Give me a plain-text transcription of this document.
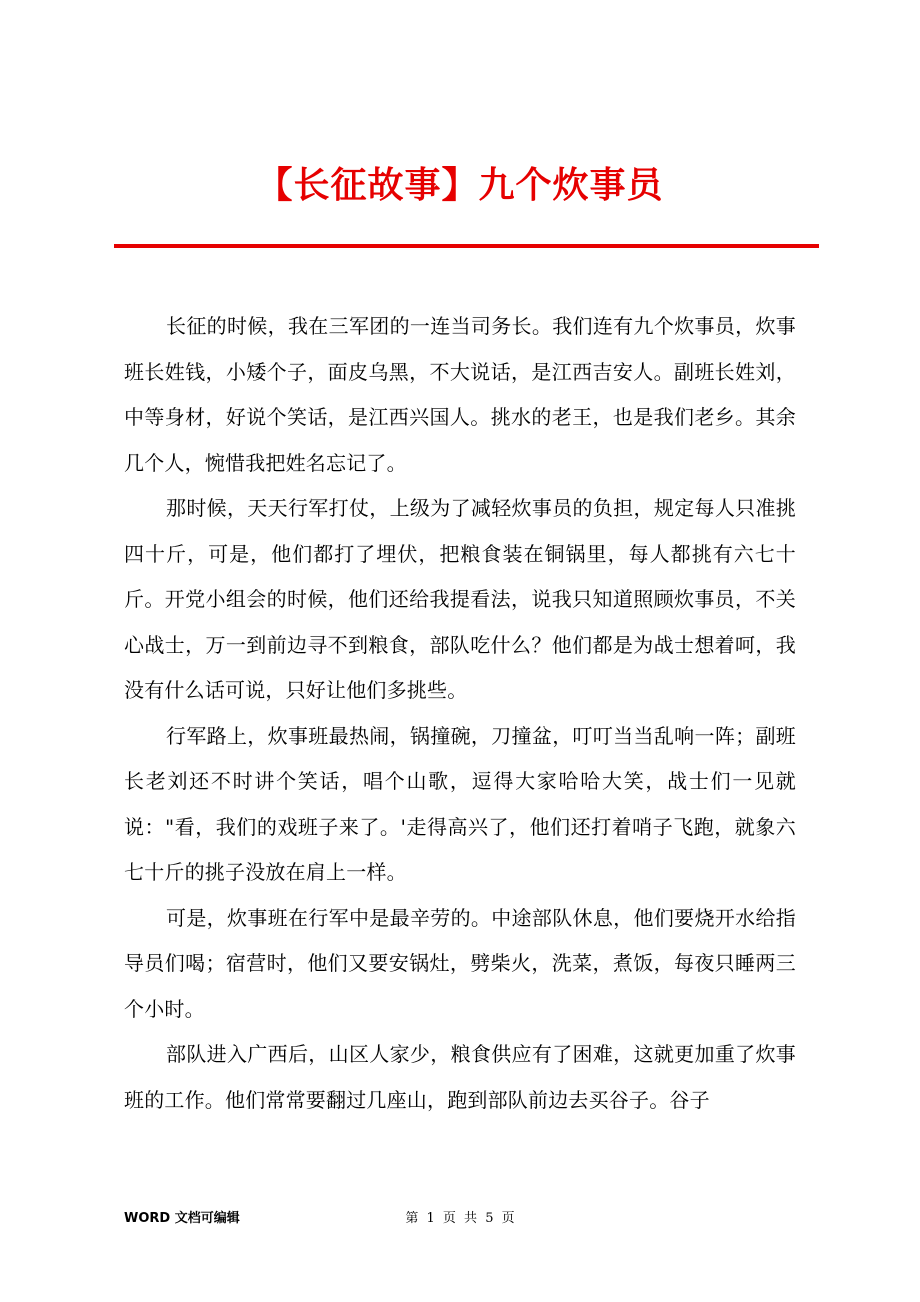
【长征故事】九个炊事员

长征的时候，我在三军团的一连当司务长。我们连有九个炊事员，炊事班长姓钱，小矮个子，面皮乌黑，不大说话，是江西吉安人。副班长姓刘，中等身材，好说个笑话，是江西兴国人。挑水的老王，也是我们老乡。其余几个人，惋惜我把姓名忘记了。

那时候，天天行军打仗，上级为了减轻炊事员的负担，规定每人只准挑四十斤，可是，他们都打了埋伏，把粮食装在铜锅里，每人都挑有六七十斤。开党小组会的时候，他们还给我提看法，说我只知道照顾炊事员，不关心战士，万一到前边寻不到粮食，部队吃什么？他们都是为战士想着呵，我没有什么话可说，只好让他们多挑些。

行军路上，炊事班最热闹，锅撞碗，刀撞盆，叮叮当当乱响一阵；副班长老刘还不时讲个笑话，唱个山歌，逗得大家哈哈大笑，战士们一见就说："看，我们的戏班子来了。'走得高兴了，他们还打着哨子飞跑，就象六七十斤的挑子没放在肩上一样。

可是，炊事班在行军中是最辛劳的。中途部队休息，他们要烧开水给指导员们喝；宿营时，他们又要安锅灶，劈柴火，洗菜，煮饭，每夜只睡两三个小时。

部队进入广西后，山区人家少，粮食供应有了困难，这就更加重了炊事班的工作。他们常常要翻过几座山，跑到部队前边去买谷子。谷子

WORD 文档可编辑	第 1 页 共 5 页
